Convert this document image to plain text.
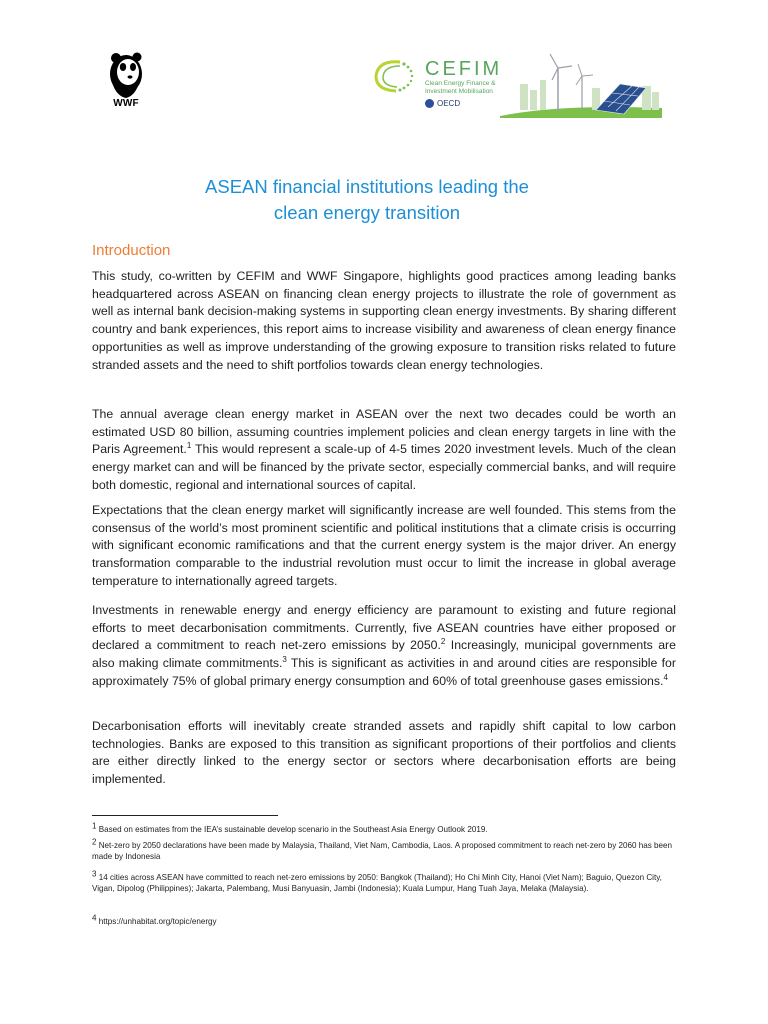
WWF
CEFIM
Clean Energy Finance &
Investment Mobilisation
OECD
ASEAN financial institutions leading the
clean energy transition
Introduction
This study, co-written by CEFIM and WWF Singapore, highlights good practices among leading banks headquartered across ASEAN on financing clean energy projects to illustrate the role of government as well as internal bank decision-making systems in supporting clean energy investments. By sharing different country and bank experiences, this report aims to increase visibility and awareness of clean energy finance opportunities as well as improve understanding of the growing exposure to transition risks related to future stranded assets and the need to shift portfolios towards clean energy technologies.
The annual average clean energy market in ASEAN over the next two decades could be worth an estimated USD 80 billion, assuming countries implement policies and clean energy targets in line with the Paris Agreement.$^1$ This would represent a scale-up of 4-5 times 2020 investment levels. Much of the clean energy market can and will be financed by the private sector, especially commercial banks, and will require both domestic, regional and international sources of capital.
Expectations that the clean energy market will significantly increase are well founded. This stems from the consensus of the world’s most prominent scientific and political institutions that a climate crisis is occurring with significant economic ramifications and that the current energy system is the major driver. An energy transformation comparable to the industrial revolution must occur to limit the increase in global average temperature to internationally agreed targets.
Investments in renewable energy and energy efficiency are paramount to existing and future regional efforts to meet decarbonisation commitments. Currently, five ASEAN countries have either proposed or declared a commitment to reach net-zero emissions by 2050.$^2$ Increasingly, municipal governments are also making climate commitments.$^3$ This is significant as activities in and around cities are responsible for approximately 75% of global primary energy consumption and 60% of total greenhouse gases emissions.$^4$
Decarbonisation efforts will inevitably create stranded assets and rapidly shift capital to low carbon technologies. Banks are exposed to this transition as significant proportions of their portfolios and clients are either directly linked to the energy sector or sectors where decarbonisation efforts are being implemented.
$^1$ Based on estimates from the IEA’s sustainable develop scenario in the Southeast Asia Energy Outlook 2019.
$^2$ Net-zero by 2050 declarations have been made by Malaysia, Thailand, Viet Nam, Cambodia, Laos. A proposed commitment to reach net-zero by 2060 has been made by Indonesia
$^3$ 14 cities across ASEAN have committed to reach net-zero emissions by 2050: Bangkok (Thailand); Ho Chi Minh City, Hanoi (Viet Nam); Baguio, Quezon City, Vigan, Dipolog (Philippines); Jakarta, Palembang, Musi Banyuasin, Jambi (Indonesia); Kuala Lumpur, Hang Tuah Jaya, Melaka (Malaysia).
$^4$ https://unhabitat.org/topic/energy
